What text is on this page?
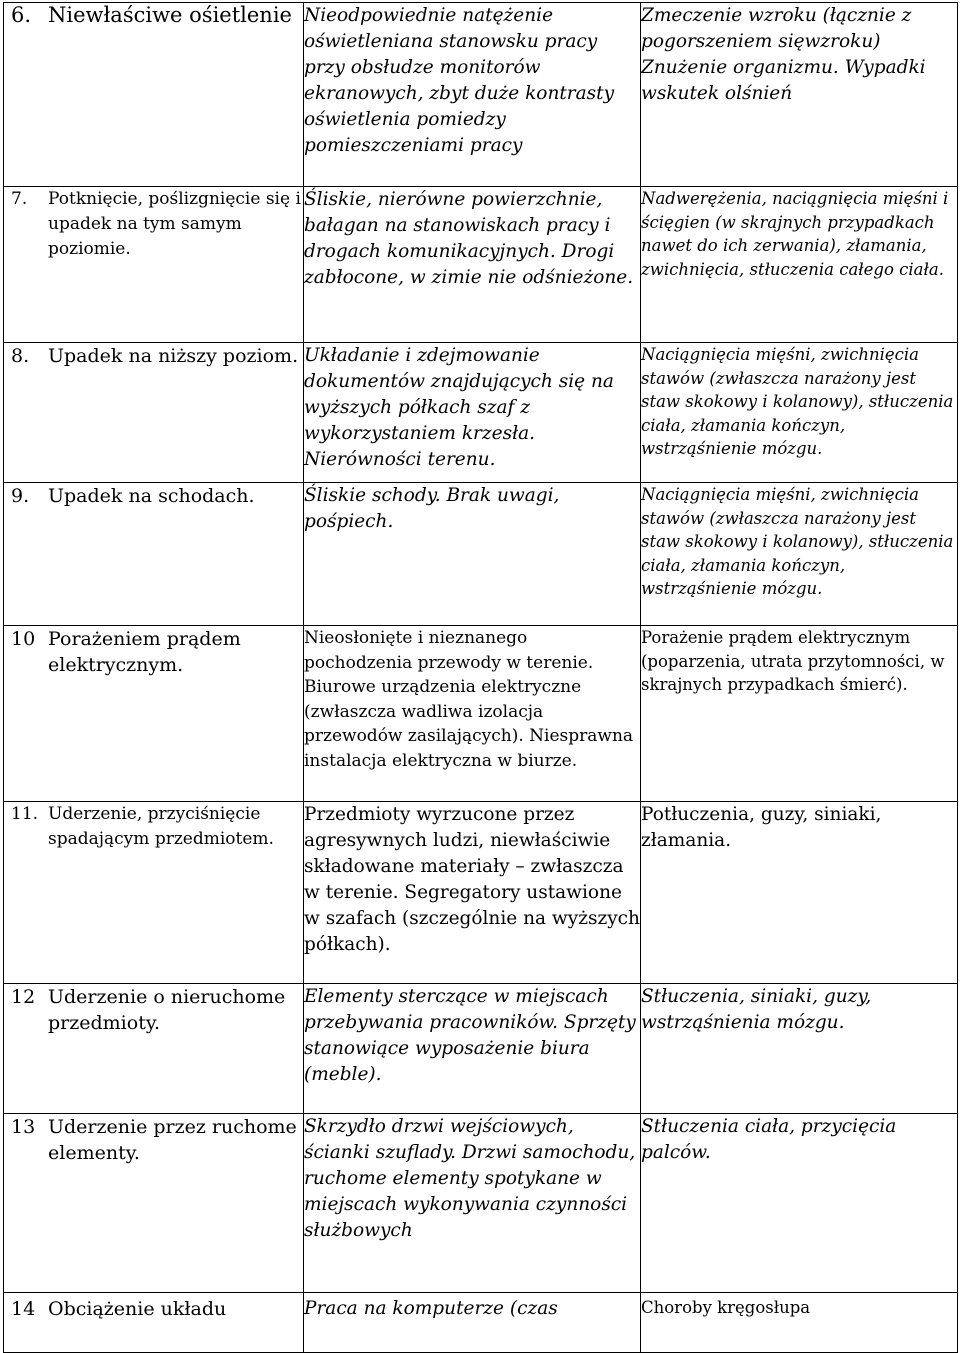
6. Niewłaściwe ośietlenie	Nieodpowiednie natężenie oświetleniana stanowsku pracy przy obsłudze monitorów ekranowych, zbyt duże kontrasty oświetlenia pomiedzy pomieszczeniami pracy	Zmeczenie wzroku (łącznie z pogorszeniem sięwzroku) Znużenie organizmu. Wypadki wskutek olśnień

7. Potknięcie, poślizgnięcie się i upadek na tym samym poziomie.	Śliskie, nierówne powierzchnie, bałagan na stanowiskach pracy i drogach komunikacyjnych. Drogi zabłocone, w zimie nie odśnieżone.	Nadwerężenia, naciągnięcia mięśni i ścięgien (w skrajnych przypadkach nawet do ich zerwania), złamania, zwichnięcia, stłuczenia całego ciała.

8. Upadek na niższy poziom.	Układanie i zdejmowanie dokumentów znajdujących się na wyższych półkach szaf z wykorzystaniem krzesła. Nierówności terenu.	Naciągnięcia mięśni, zwichnięcia stawów (zwłaszcza narażony jest staw skokowy i kolanowy), stłuczenia ciała, złamania kończyn, wstrząśnienie mózgu.

9. Upadek na schodach.	Śliskie schody. Brak uwagi, pośpiech.	Naciągnięcia mięśni, zwichnięcia stawów (zwłaszcza narażony jest staw skokowy i kolanowy), stłuczenia ciała, złamania kończyn, wstrząśnienie mózgu.

10 Porażeniem prądem elektrycznym.	Nieosłonięte i nieznanego pochodzenia przewody w terenie. Biurowe urządzenia elektryczne (zwłaszcza wadliwa izolacja przewodów zasilających). Niesprawna instalacja elektryczna w biurze.	Porażenie prądem elektrycznym (poparzenia, utrata przytomności, w skrajnych przypadkach śmierć).

11. Uderzenie, przyciśnięcie spadającym przedmiotem.	Przedmioty wyrzucone przez agresywnych ludzi, niewłaściwie składowane materiały – zwłaszcza w terenie. Segregatory ustawione w szafach (szczególnie na wyższych półkach).	Potłuczenia, guzy, siniaki, złamania.

12 Uderzenie o nieruchome przedmioty.	Elementy sterczące w miejscach przebywania pracowników. Sprzęty stanowiące wyposażenie biura (meble).	Stłuczenia, siniaki, guzy, wstrząśnienia mózgu.

13 Uderzenie przez ruchome elementy.	Skrzydło drzwi wejściowych, ścianki szuflady. Drzwi samochodu, ruchome elementy spotykane w miejscach wykonywania czynności służbowych	Stłuczenia ciała, przycięcia palców.

14 Obciążenie układu	Praca na komputerze (czas	Choroby kręgosłupa
